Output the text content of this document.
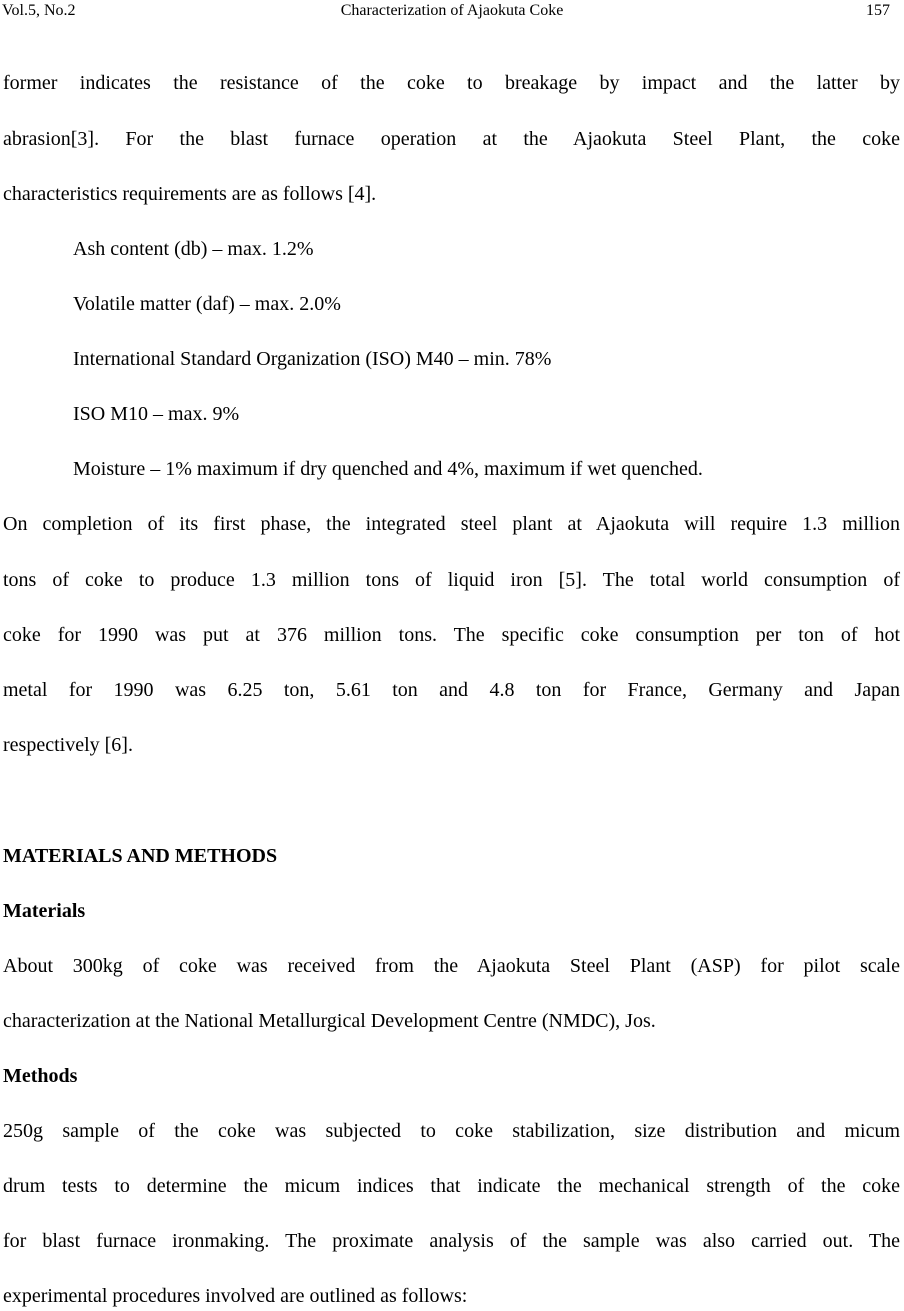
Vol.5, No.2	Characterization of Ajaokuta Coke	157
former indicates the resistance of the coke to breakage by impact and the latter by
abrasion[3]. For the blast furnace operation at the Ajaokuta Steel Plant, the coke
characteristics requirements are as follows [4].
Ash content (db) – max. 1.2%
Volatile matter (daf) – max. 2.0%
International Standard Organization (ISO) M40 – min. 78%
ISO M10 – max. 9%
Moisture – 1% maximum if dry quenched and 4%, maximum if wet quenched.
On completion of its first phase, the integrated steel plant at Ajaokuta will require 1.3 million
tons of coke to produce 1.3 million tons of liquid iron [5]. The total world consumption of
coke for 1990 was put at 376 million tons. The specific coke consumption per ton of hot
metal for 1990 was 6.25 ton, 5.61 ton and 4.8 ton for France, Germany and Japan
respectively [6].
MATERIALS AND METHODS
Materials
About 300kg of coke was received from the Ajaokuta Steel Plant (ASP) for pilot scale
characterization at the National Metallurgical Development Centre (NMDC), Jos.
Methods
250g sample of the coke was subjected to coke stabilization, size distribution and micum
drum tests to determine the micum indices that indicate the mechanical strength of the coke
for blast furnace ironmaking. The proximate analysis of the sample was also carried out. The
experimental procedures involved are outlined as follows:
